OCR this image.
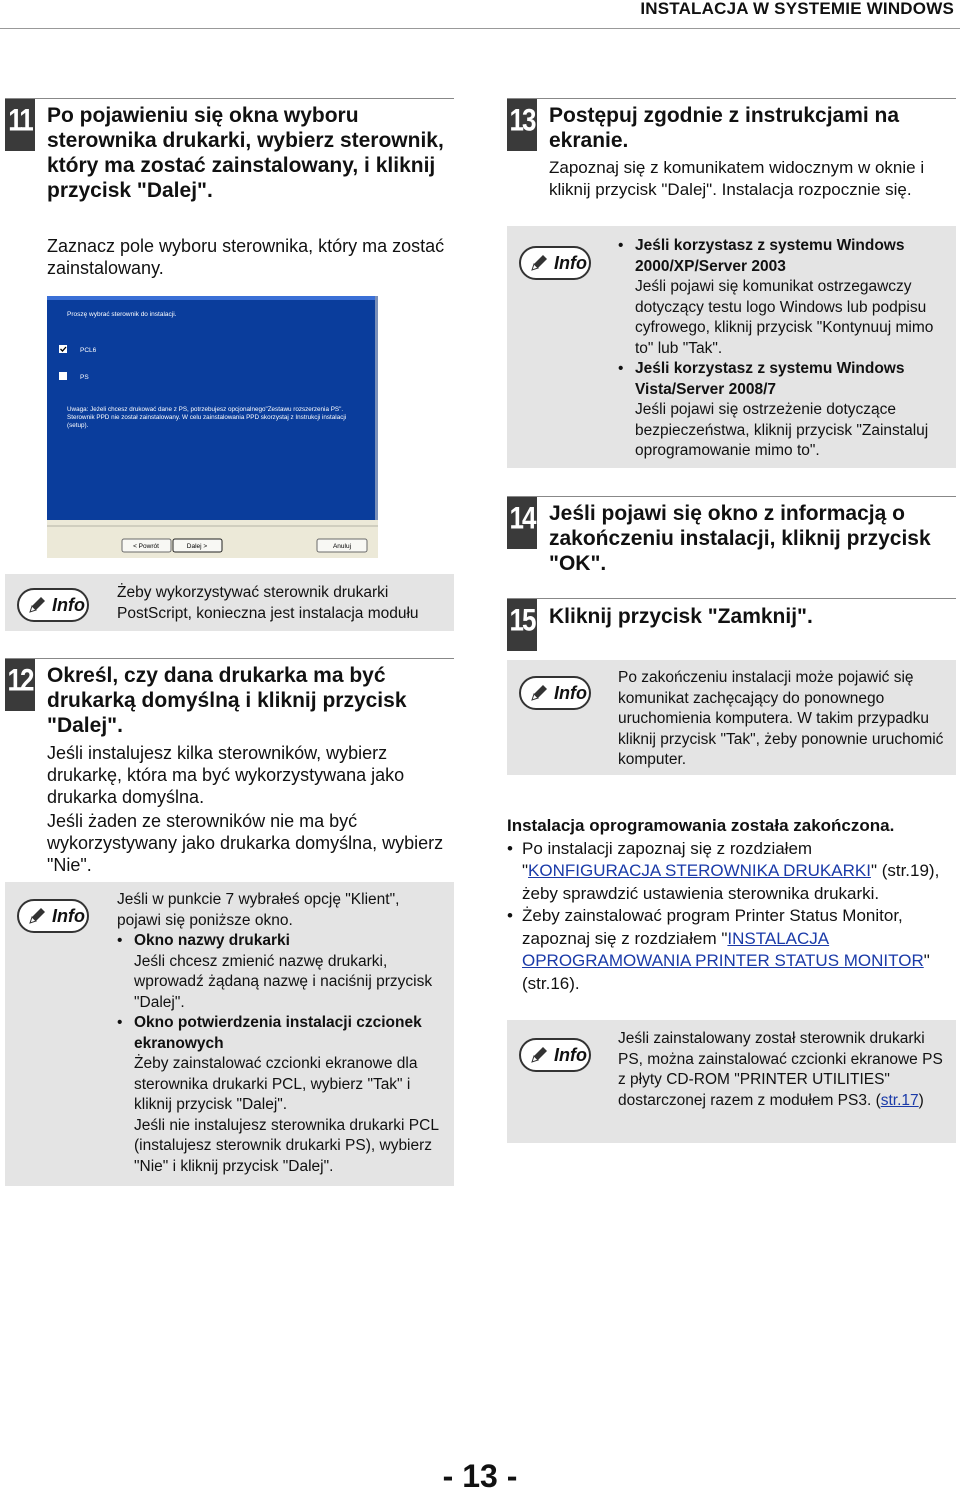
INSTALACJA W SYSTEMIE WINDOWS
11 Po pojawieniu się okna wyboru sterownika drukarki, wybierz sterownik, który ma zostać zainstalowany, i kliknij przycisk "Dalej".
Zaznacz pole wyboru sterownika, który ma zostać zainstalowany.
Proszę wybrać sterownik do instalacji.
PCL6
PS
Uwaga: Jeżeli chcesz drukować dane z PS, potrzebujesz opcjonalnego"Zestawu rozszerzenia PS". Sterownik PPD nie został zainstalowany. W celu zainstalowania PPD skorzystaj z Instrukcji instalacji (setup).
< Powrót	Dalej >	Anuluj
Info
Żeby wykorzystywać sterownik drukarki PostScript, konieczna jest instalacja modułu
12 Określ, czy dana drukarka ma być drukarką domyślną i kliknij przycisk "Dalej".
Jeśli instalujesz kilka sterowników, wybierz drukarkę, która ma być wykorzystywana jako drukarka domyślna.
Jeśli żaden ze sterowników nie ma być wykorzystywany jako drukarka domyślna, wybierz "Nie".
Info
Jeśli w punkcie 7 wybrałeś opcję "Klient", pojawi się poniższe okno.
• Okno nazwy drukarki
Jeśli chcesz zmienić nazwę drukarki, wprowadź żądaną nazwę i naciśnij przycisk "Dalej".
• Okno potwierdzenia instalacji czcionek ekranowych
Żeby zainstalować czcionki ekranowe dla sterownika drukarki PCL, wybierz "Tak" i kliknij przycisk "Dalej".
Jeśli nie instalujesz sterownika drukarki PCL (instalujesz sterownik drukarki PS), wybierz "Nie" i kliknij przycisk "Dalej".
13 Postępuj zgodnie z instrukcjami na ekranie.
Zapoznaj się z komunikatem widocznym w oknie i kliknij przycisk "Dalej". Instalacja rozpocznie się.
Info
• Jeśli korzystasz z systemu Windows 2000/XP/Server 2003
Jeśli pojawi się komunikat ostrzegawczy dotyczący testu logo Windows lub podpisu cyfrowego, kliknij przycisk "Kontynuuj mimo to" lub "Tak".
• Jeśli korzystasz z systemu Windows Vista/Server 2008/7
Jeśli pojawi się ostrzeżenie dotyczące bezpieczeństwa, kliknij przycisk "Zainstaluj oprogramowanie mimo to".
14 Jeśli pojawi się okno z informacją o zakończeniu instalacji, kliknij przycisk "OK".
15 Kliknij przycisk "Zamknij".
Info
Po zakończeniu instalacji może pojawić się komunikat zachęcający do ponownego uruchomienia komputera. W takim przypadku kliknij przycisk "Tak", żeby ponownie uruchomić komputer.
Instalacja oprogramowania została zakończona.
• Po instalacji zapoznaj się z rozdziałem "KONFIGURACJA STEROWNIKA DRUKARKI" (str.19), żeby sprawdzić ustawienia sterownika drukarki.
• Żeby zainstalować program Printer Status Monitor, zapoznaj się z rozdziałem "INSTALACJA OPROGRAMOWANIA PRINTER STATUS MONITOR" (str.16).
Info
Jeśli zainstalowany został sterownik drukarki PS, można zainstalować czcionki ekranowe PS z płyty CD-ROM "PRINTER UTILITIES" dostarczonej razem z modułem PS3. (str.17)
- 13 -
